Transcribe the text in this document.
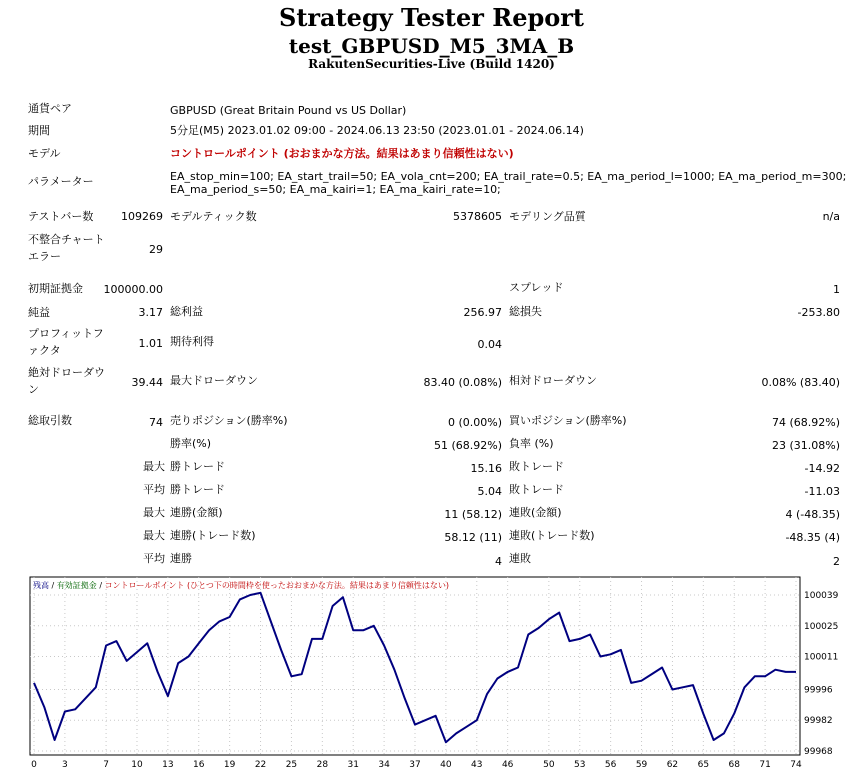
Strategy Tester Report
test_GBPUSD_M5_3MA_B
RakutenSecurities-Live (Build 1420)
通貨ペア	GBPUSD (Great Britain Pound vs US Dollar)
期間	5分足(M5) 2023.01.02 09:00 - 2024.06.13 23:50 (2023.01.01 - 2024.06.14)
モデル	コントロールポイント (おおまかな方法。結果はあまり信頼性はない)
パラメーター	EA_stop_min=100; EA_start_trail=50; EA_vola_cnt=200; EA_trail_rate=0.5; EA_ma_period_l=1000; EA_ma_period_m=300;
EA_ma_period_s=50; EA_ma_kairi=1; EA_ma_kairi_rate=10;
テストバー数	109269 モデルティック数	5378605 モデリング品質	n/a
不整合チャート
エラー
29
初期証拠金	100000.00	スプレッド	1
純益	3.17 総利益	256.97 総損失	-253.80
プロフィットフ
ァクタ
1.01 期待利得	0.04
絶対ドローダウ
ン
39.44 最大ドローダウン	83.40 (0.08%) 相対ドローダウン	0.08% (83.40)
総取引数	74 売りポジション(勝率%)	0 (0.00%) 買いポジション(勝率%)	74 (68.92%)
勝率(%)	51 (68.92%) 負率 (%)	23 (31.08%)
最大 勝トレード	15.16 敗トレード	-14.92
平均 勝トレード	5.04 敗トレード	-11.03
最大 連勝(金額)	11 (58.12) 連敗(金額)	4 (-48.35)
最大 連勝(トレード数)	58.12 (11) 連敗(トレード数)	-48.35 (4)
平均 連勝	4 連敗	2
0	3	7 10 13 16 19 22 25 28 31 34 37 40 43 46	50 53 56 59 62 65 68 71 74
100039
100025
100011
99996
99982
99968
残高 / 有効証拠金 / コントロールポイント (ひとつ下の時間枠を使ったおおまかな方法。結果はあまり信頼性はない)
